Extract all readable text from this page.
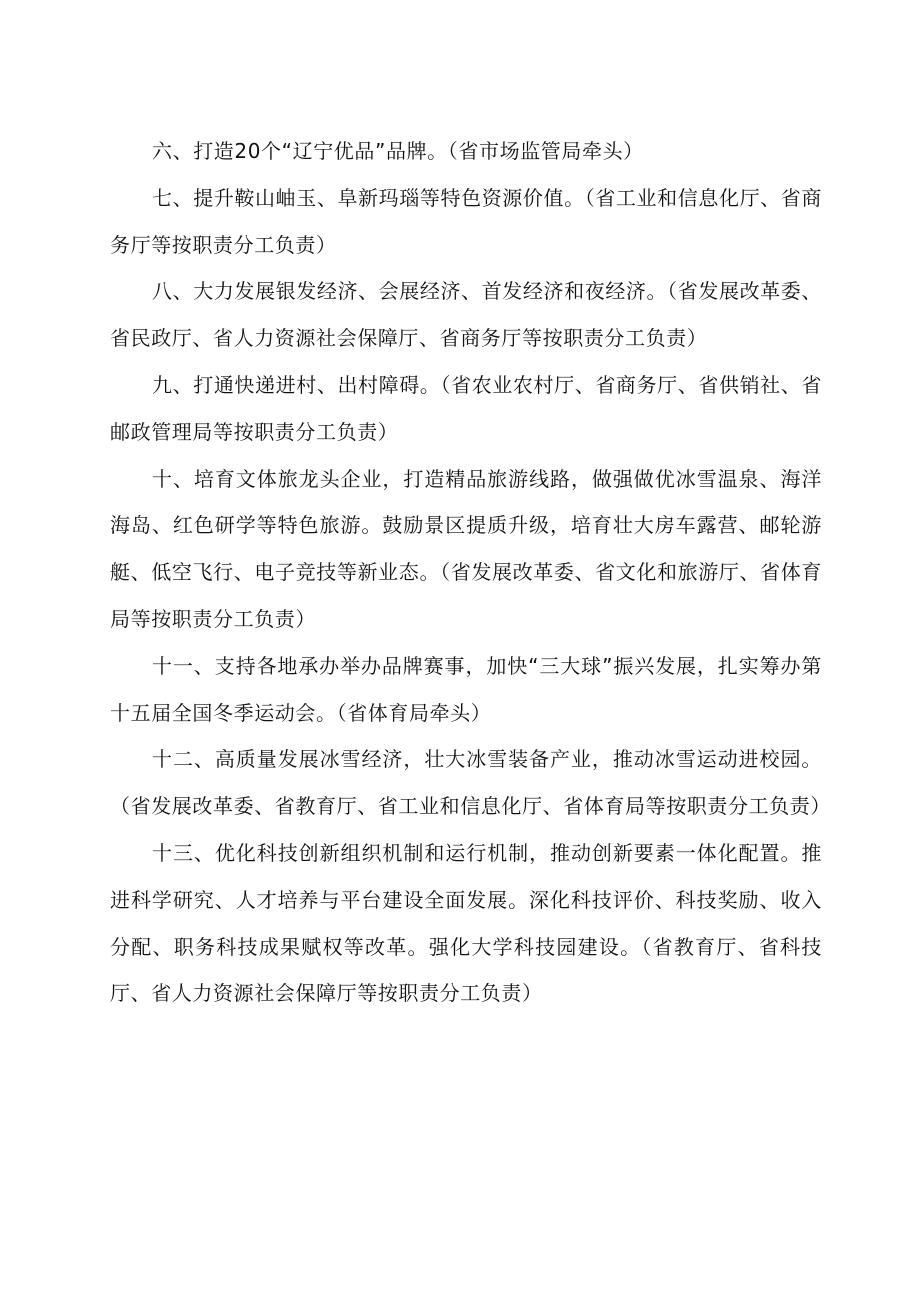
六、打造20个“辽宁优品”品牌。（省市场监管局牵头）

七、提升鞍山岫玉、阜新玛瑙等特色资源价值。（省工业和信息化厅、省商务厅等按职责分工负责）

八、大力发展银发经济、会展经济、首发经济和夜经济。（省发展改革委、省民政厅、省人力资源社会保障厅、省商务厅等按职责分工负责）

九、打通快递进村、出村障碍。（省农业农村厅、省商务厅、省供销社、省邮政管理局等按职责分工负责）

十、培育文体旅龙头企业，打造精品旅游线路，做强做优冰雪温泉、海洋海岛、红色研学等特色旅游。鼓励景区提质升级，培育壮大房车露营、邮轮游艇、低空飞行、电子竞技等新业态。（省发展改革委、省文化和旅游厅、省体育局等按职责分工负责）

十一、支持各地承办举办品牌赛事，加快“三大球”振兴发展，扎实筹办第十五届全国冬季运动会。（省体育局牵头）

十二、高质量发展冰雪经济，壮大冰雪装备产业，推动冰雪运动进校园。（省发展改革委、省教育厅、省工业和信息化厅、省体育局等按职责分工负责）

十三、优化科技创新组织机制和运行机制，推动创新要素一体化配置。推进科学研究、人才培养与平台建设全面发展。深化科技评价、科技奖励、收入分配、职务科技成果赋权等改革。强化大学科技园建设。（省教育厅、省科技厅、省人力资源社会保障厅等按职责分工负责）
